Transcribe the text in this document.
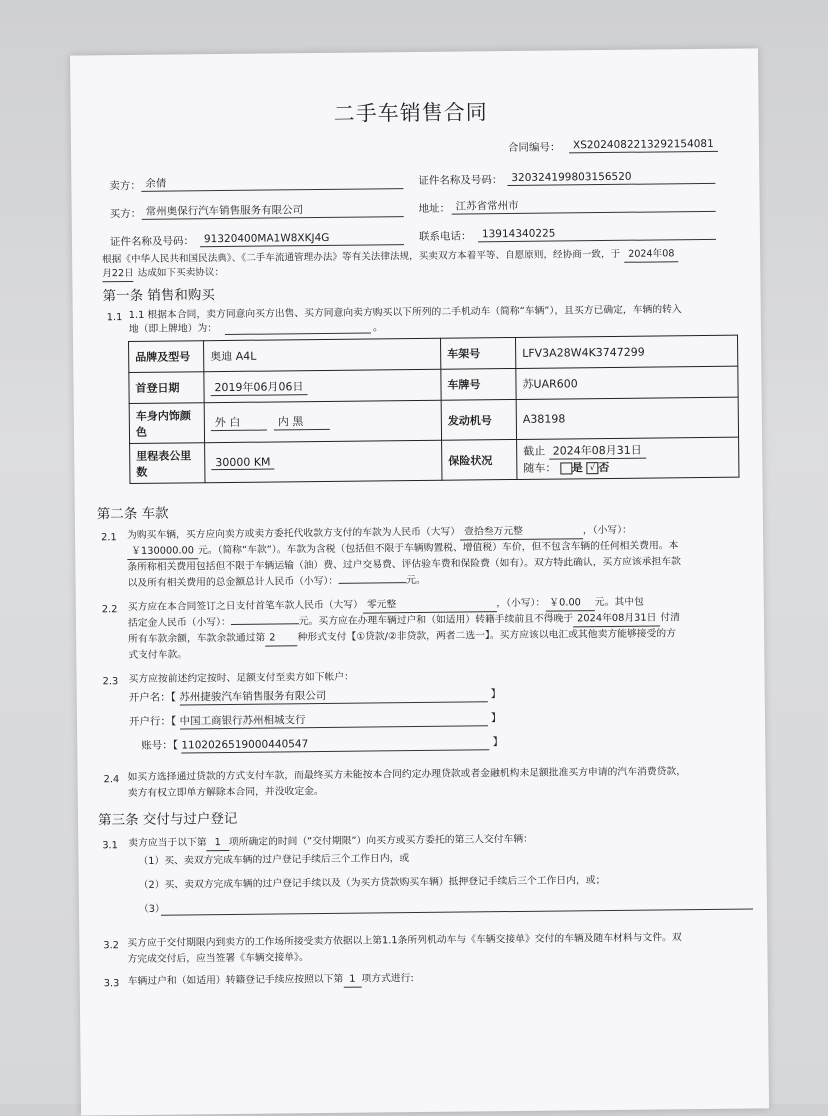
二手车销售合同
合同编号：	XS2024082213292154081
卖方： 余倩	证件名称及号码： 320324199803156520
买方： 常州奥保行汽车销售服务有限公司	地址： 江苏省常州市
证件名称及号码： 91320400MA1W8XKJ4G	联系电话： 13914340225
根据《中华人民共和国民法典》、《二手车流通管理办法》等有关法律法规，买卖双方本着平等、自愿原则，经协商一致，于 2024年08
月22日 达成如下买卖协议：
第一条 销售和购买
1.1 1.1 根据本合同，卖方同意向买方出售、买方同意向卖方购买以下所列的二手机动车（简称“车辆”），且买方已确定，车辆的转入
地（即上牌地）为：	。
品牌及型号	奥迪 A4L	车架号	LFV3A28W4K3747299
首登日期	2019年06月06日	车牌号	苏UAR600
车身内饰颜色	外 白 内 黑	发动机号	A38198
里程表公里数	30000 KM	保险状况	截止 2024年08月31日
随车： 是 √ 否
第二条 车款
2.1 为购买车辆，买方应向卖方或卖方委托代收款方支付的车款为人民币（大写） 壹拾叁万元整	，（小写）：
￥130000.00 元。（简称“车款”）。车款为含税（包括但不限于车辆购置税、增值税）车价，但不包含车辆的任何相关费用。本
条所称相关费用包括但不限于车辆运输（油）费、过户交易费、评估验车费和保险费（如有）。双方特此确认，买方应该承担车款
以及所有相关费用的总金额总计人民币（小写）：	元。
2.2 买方应在本合同签订之日支付首笔车款人民币（大写） 零元整	，（小写）： ￥0.00 元。其中包
括定金人民币（小写）：	元。买方应在办理车辆过户和（如适用）转籍手续前且不得晚于 2024年08月31日 付清
所有车款余额，车款余款通过第 2 种形式支付【①贷款/②非贷款，两者二选一】。买方应该以电汇或其他卖方能够接受的方
式支付车款。
2.3 买方应按前述约定按时、足额支付至卖方如下帐户：
开户名：【 苏州捷骏汽车销售服务有限公司	】
开户行：【 中国工商银行苏州相城支行	】
账号：【 1102026519000440547	】
2.4 如买方选择通过贷款的方式支付车款，而最终买方未能按本合同约定办理贷款或者金融机构未足额批准买方申请的汽车消费贷款，
卖方有权立即单方解除本合同，并没收定金。
第三条 交付与过户登记
3.1 卖方应当于以下第 1 项所确定的时间（“交付期限”）向买方或买方委托的第三人交付车辆：
（1）买、卖双方完成车辆的过户登记手续后三个工作日内，或
（2）买、卖双方完成车辆的过户登记手续以及（为买方贷款购买车辆）抵押登记手续后三个工作日内，或；
（3）
3.2 买方应于交付期限内到卖方的工作场所接受卖方依据以上第1.1条所列机动车与《车辆交接单》交付的车辆及随车材料与文件。双
方完成交付后，应当签署《车辆交接单》。
3.3 车辆过户和（如适用）转籍登记手续应按照以下第 1 项方式进行:
